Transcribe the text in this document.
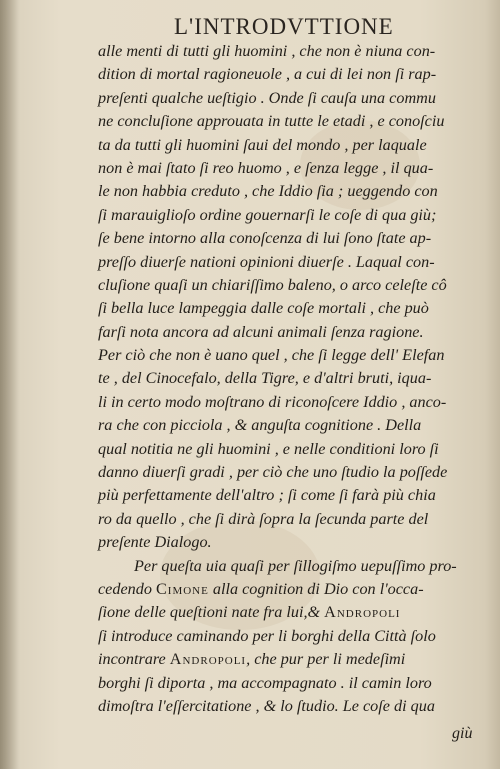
L'INTRODVTTIONE
alle menti di tutti gli huomini , che non è niuna con-
dition di mortal ragioneuole , a cui di lei non ſi rap-
preſenti qualche ueſtigio . Onde ſi cauſa una commu
ne concluſione approuata in tutte le etadi , e conoſciu
ta da tutti gli huomini ſaui del mondo , per laquale
non è mai ſtato ſi reo huomo , e ſenza legge , il qua-
le non habbia creduto , che Iddio ſia ; ueggendo con
ſi marauiglioſo ordine gouernarſi le coſe di qua giù;
ſe bene intorno alla conoſcenza di lui ſono ſtate ap-
preſſo diuerſe nationi opinioni diuerſe . Laqual con-
cluſione quaſi un chiariſſimo baleno, o arco celeſte cô
ſi bella luce lampeggia dalle coſe mortali , che può
farſi nota ancora ad alcuni animali ſenza ragione.
Per ciò che non è uano quel , che ſi legge dell' Elefan
te , del Cinocefalo, della Tigre, e d'altri bruti, iqua-
li in certo modo moſtrano di riconoſcere Iddio , anco-
ra che con picciola , & anguſta cognitione . Della
qual notitia ne gli huomini , e nelle conditioni loro ſi
danno diuerſi gradi , per ciò che uno ſtudio la poſſede
più perfettamente dell'altro ; ſi come ſi farà più chia
ro da quello , che ſi dirà ſopra la ſecunda parte del
preſente Dialogo.
Per queſta uia quaſi per ſillogiſmo uериſſimo pro-
cedendo Cimone alla cognition di Dio con l'occa-
ſione delle queſtioni nate fra lui,& Andropoli
ſi introduce caminando per li borghi della Città ſolo
incontrare Andropoli, che pur per li medeſimi
borghi ſi diporta , ma accompagnato . il camin loro
dimoſtra l'eſſercitatione , & lo ſtudio. Le coſe di qua
giù
